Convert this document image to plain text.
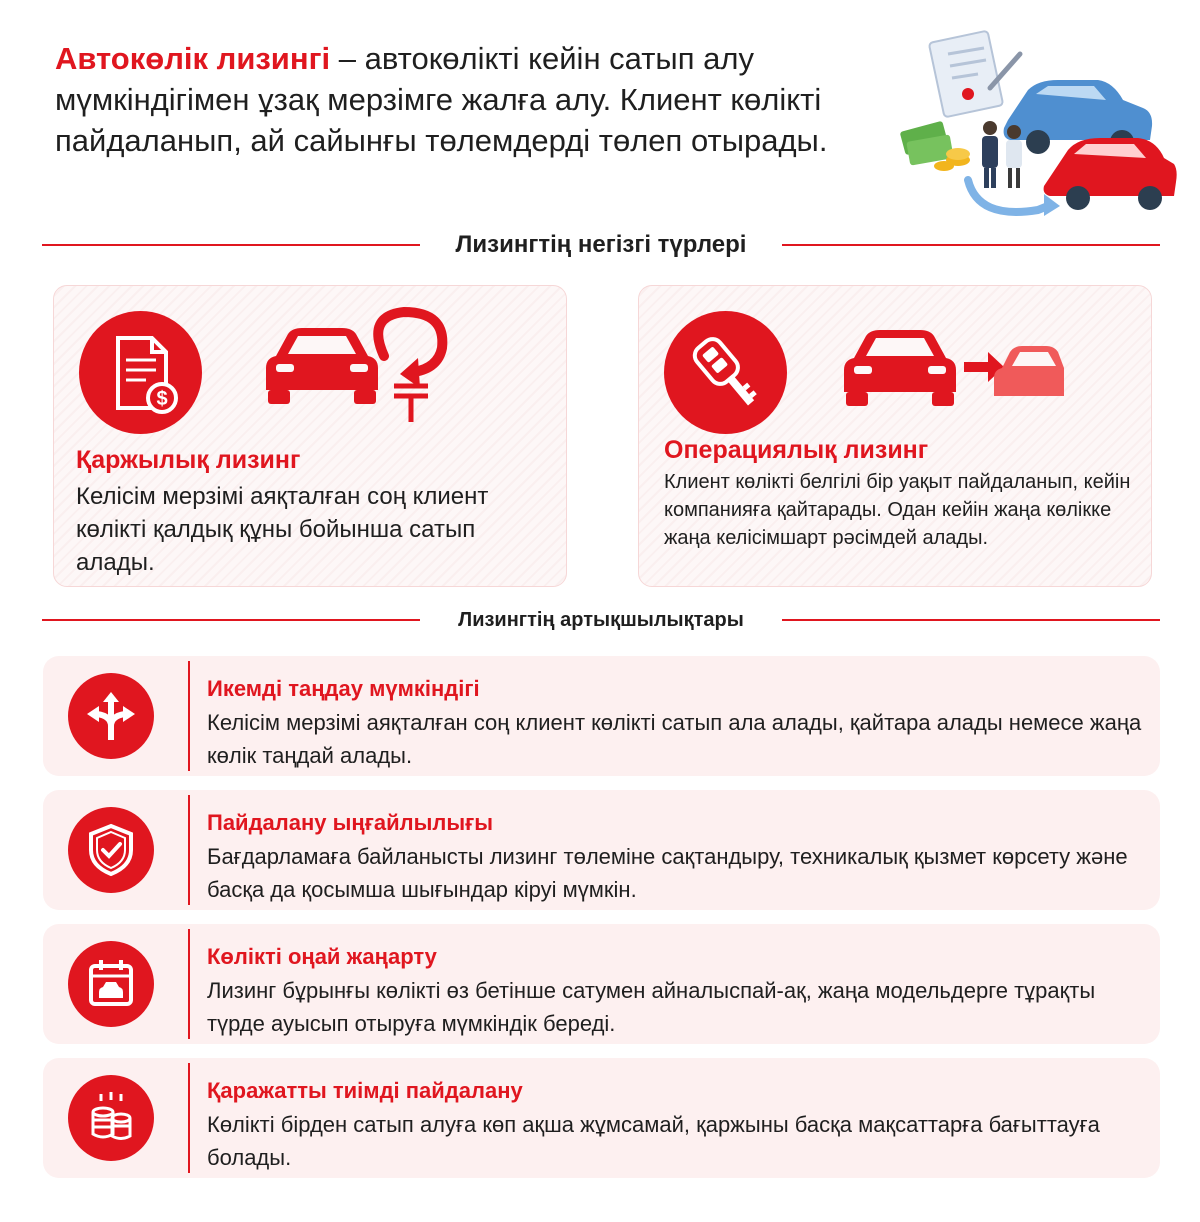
Автокөлік лизингі – автокөлікті кейін сатып алу мүмкіндігімен ұзақ мерзімге жалға алу. Клиент көлікті пайдаланып, ай сайынғы төлемдерді төлеп отырады.
Лизингтің негізгі түрлері
$
Қаржылық лизинг
Келісім мерзімі аяқталған соң клиент көлікті қалдық құны бойынша сатып алады.
Операциялық лизинг
Клиент көлікті белгілі бір уақыт пайдаланып, кейін компанияға қайтарады. Одан кейін жаңа көлікке жаңа келісімшарт рәсімдей алады.
Лизингтің артықшылықтары
Икемді таңдау мүмкіндігі
Келісім мерзімі аяқталған соң клиент көлікті сатып ала алады, қайтара алады немесе жаңа көлік таңдай алады.
Пайдалану ыңғайлылығы
Бағдарламаға байланысты лизинг төлеміне сақтандыру, техникалық қызмет көрсету және басқа да қосымша шығындар кіруі мүмкін.
Көлікті оңай жаңарту
Лизинг бұрынғы көлікті өз бетінше сатумен айналыспай-ақ, жаңа модельдерге тұрақты түрде ауысып отыруға мүмкіндік береді.
Қаражатты тиімді пайдалану
Көлікті бірден сатып алуға көп ақша жұмсамай, қаржыны басқа мақсаттарға бағыттауға болады.
